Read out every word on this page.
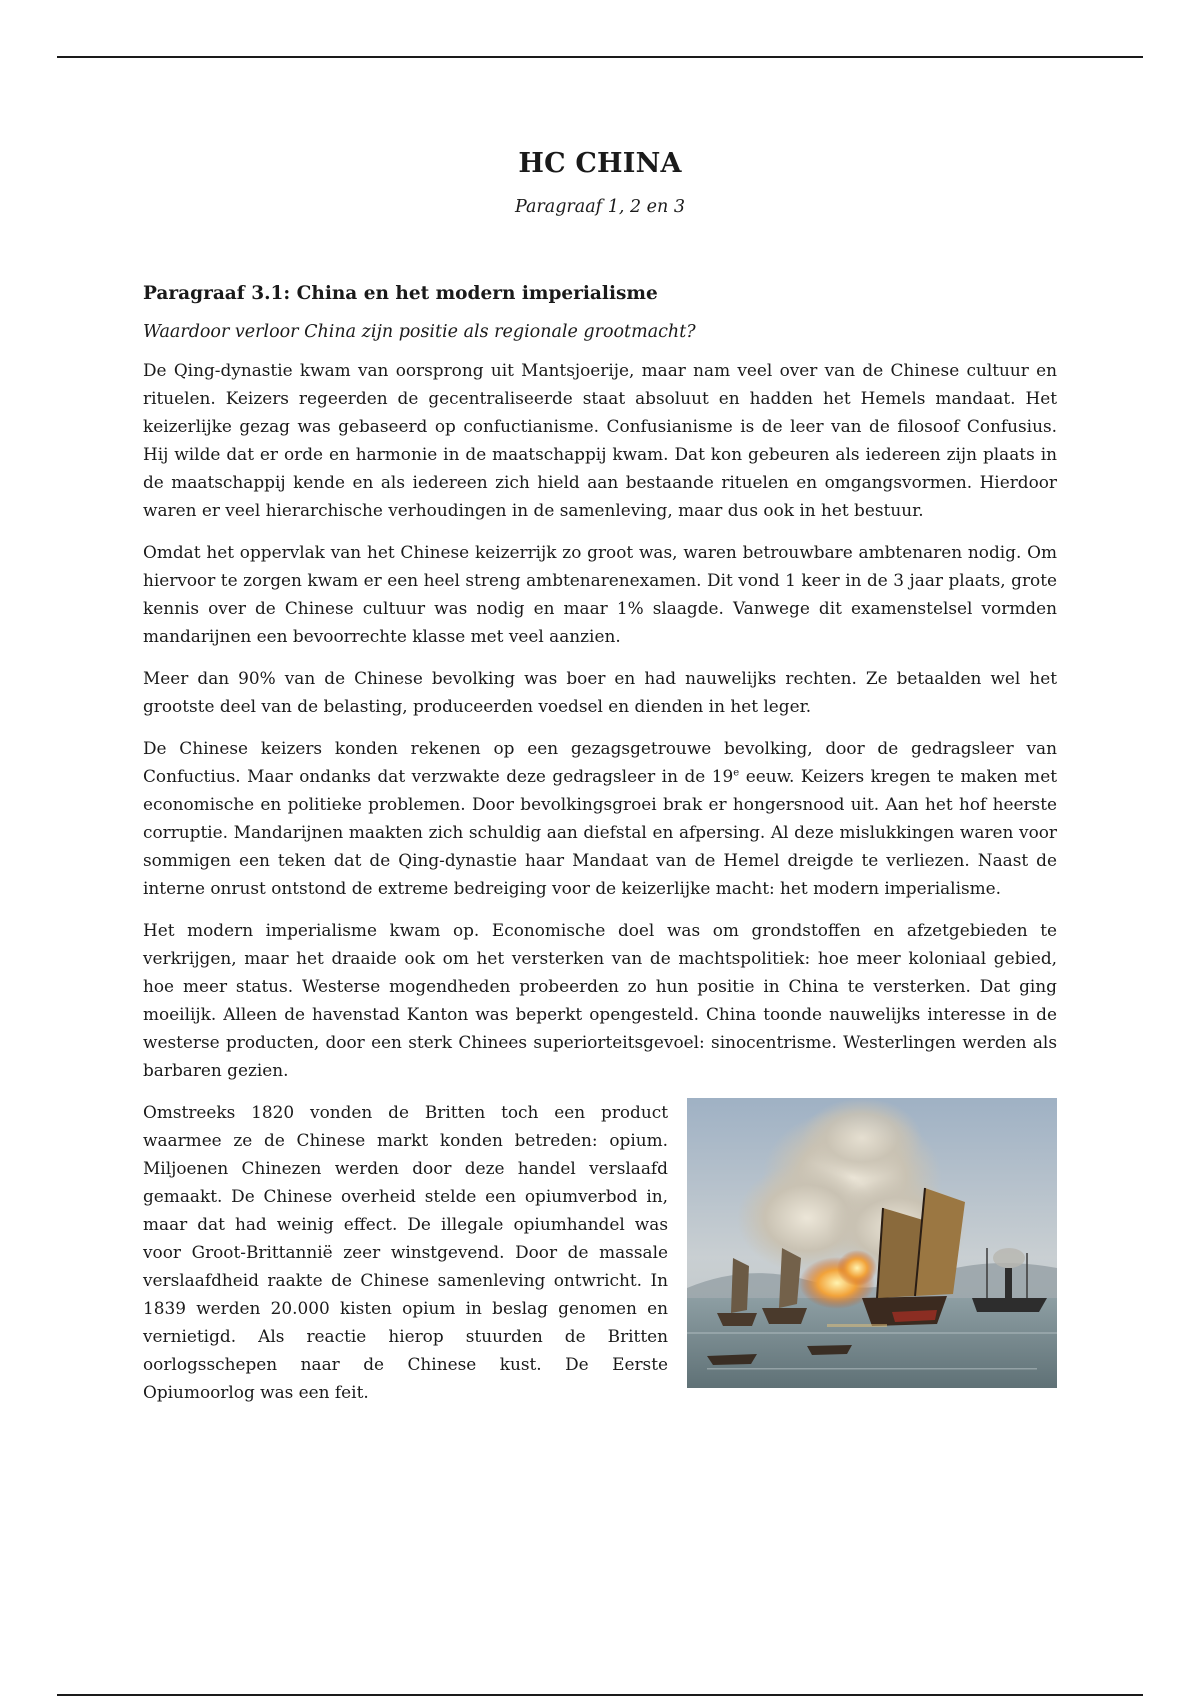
HC CHINA
Paragraaf 1, 2 en 3
Paragraaf 3.1: China en het modern imperialisme
Waardoor verloor China zijn positie als regionale grootmacht?

De Qing-dynastie kwam van oorsprong uit Mantsjoerije, maar nam veel over van de Chinese cultuur en rituelen. Keizers regeerden de gecentraliseerde staat absoluut en hadden het Hemels mandaat. Het keizerlijke gezag was gebaseerd op confuctianisme. Confusianisme is de leer van de filosoof Confusius. Hij wilde dat er orde en harmonie in de maatschappij kwam. Dat kon gebeuren als iedereen zijn plaats in de maatschappij kende en als iedereen zich hield aan bestaande rituelen en omgangsvormen. Hierdoor waren er veel hierarchische verhoudingen in de samenleving, maar dus ook in het bestuur.

Omdat het oppervlak van het Chinese keizerrijk zo groot was, waren betrouwbare ambtenaren nodig. Om hiervoor te zorgen kwam er een heel streng ambtenarenexamen. Dit vond 1 keer in de 3 jaar plaats, grote kennis over de Chinese cultuur was nodig en maar 1% slaagde. Vanwege dit examenstelsel vormden mandarijnen een bevoorrechte klasse met veel aanzien.

Meer dan 90% van de Chinese bevolking was boer en had nauwelijks rechten. Ze betaalden wel het grootste deel van de belasting, produceerden voedsel en dienden in het leger.

De Chinese keizers konden rekenen op een gezagsgetrouwe bevolking, door de gedragsleer van Confuctius. Maar ondanks dat verzwakte deze gedragsleer in de 19e eeuw. Keizers kregen te maken met economische en politieke problemen. Door bevolkingsgroei brak er hongersnood uit. Aan het hof heerste corruptie. Mandarijnen maakten zich schuldig aan diefstal en afpersing. Al deze mislukkingen waren voor sommigen een teken dat de Qing-dynastie haar Mandaat van de Hemel dreigde te verliezen. Naast de interne onrust ontstond de extreme bedreiging voor de keizerlijke macht: het modern imperialisme.

Het modern imperialisme kwam op. Economische doel was om grondstoffen en afzetgebieden te verkrijgen, maar het draaide ook om het versterken van de machtspolitiek: hoe meer koloniaal gebied, hoe meer status. Westerse mogendheden probeerden zo hun positie in China te versterken. Dat ging moeilijk. Alleen de havenstad Kanton was beperkt opengesteld. China toonde nauwelijks interesse in de westerse producten, door een sterk Chinees superiorteitsgevoel: sinocentrisme. Westerlingen werden als barbaren gezien.

Omstreeks 1820 vonden de Britten toch een product waarmee ze de Chinese markt konden betreden: opium. Miljoenen Chinezen werden door deze handel verslaafd gemaakt. De Chinese overheid stelde een opiumverbod in, maar dat had weinig effect. De illegale opiumhandel was voor Groot-Brittannië zeer winstgevend. Door de massale verslaafdheid raakte de Chinese samenleving ontwricht. In 1839 werden 20.000 kisten opium in beslag genomen en vernietigd. Als reactie hierop stuurden de Britten oorlogsschepen naar de Chinese kust. De Eerste Opiumoorlog was een feit.
